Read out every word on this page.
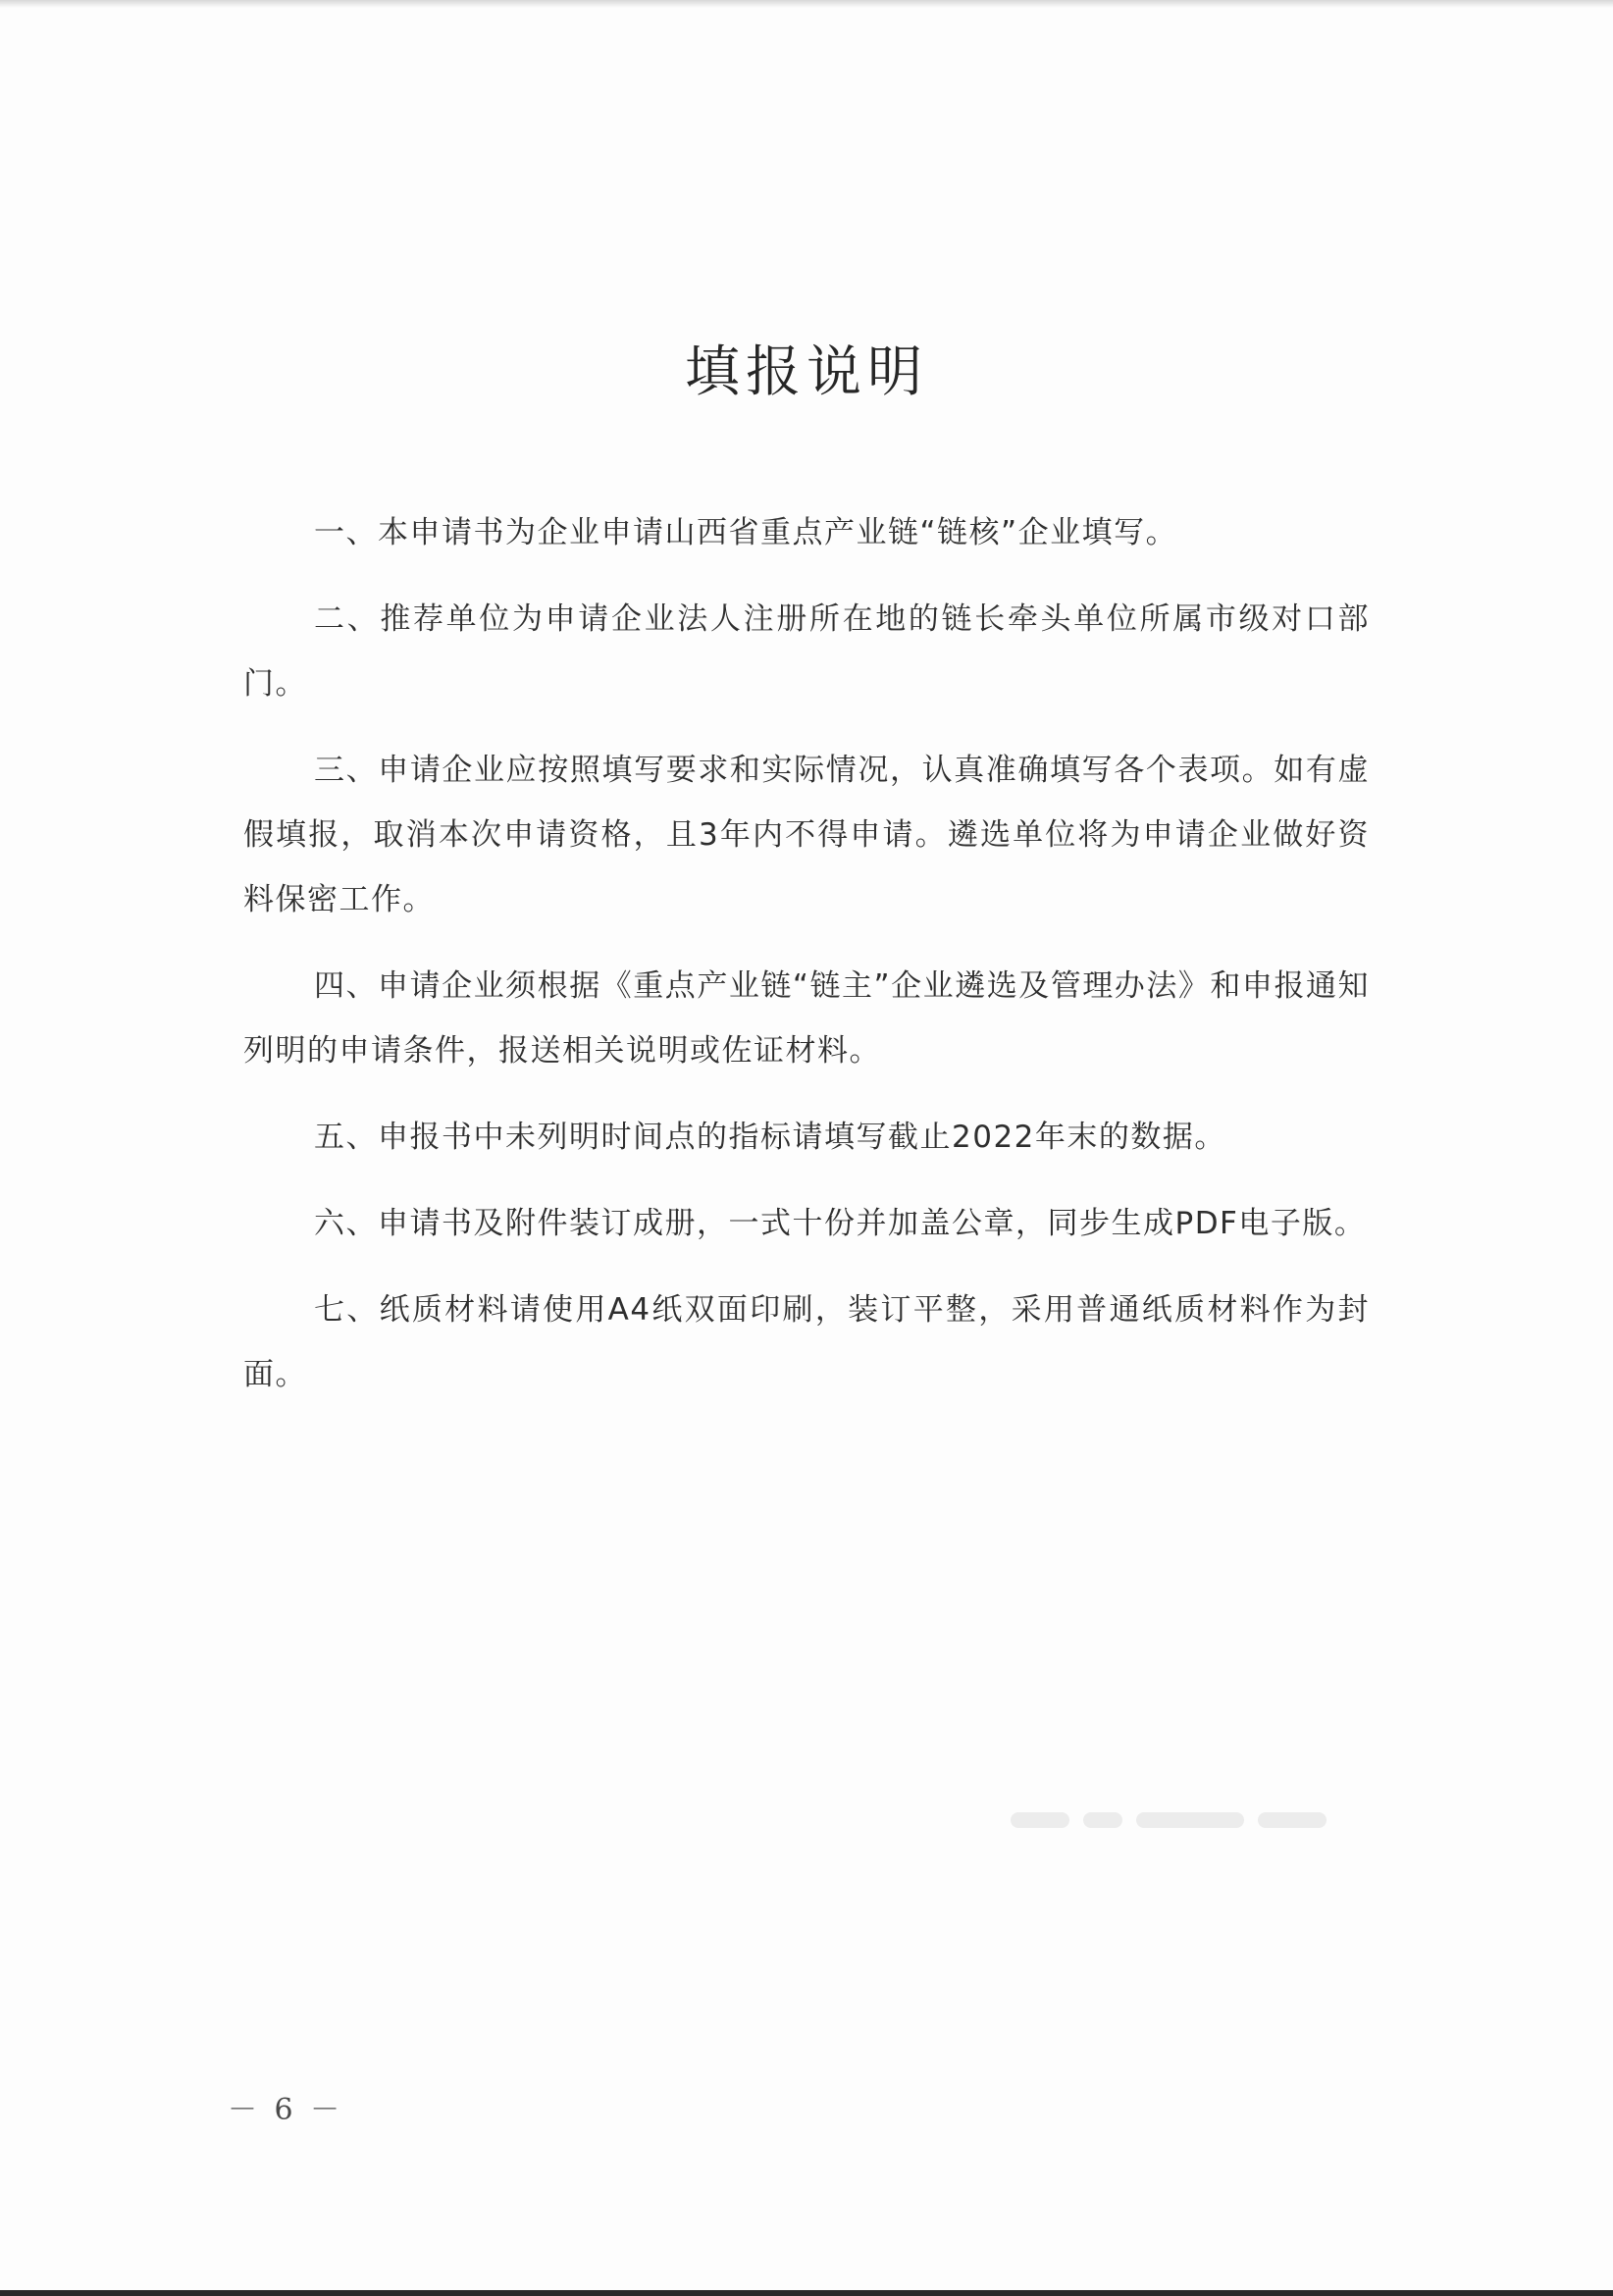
填报说明

一、本申请书为企业申请山西省重点产业链“链核”企业填写。

二、推荐单位为申请企业法人注册所在地的链长牵头单位所属市级对口部门。

三、申请企业应按照填写要求和实际情况，认真准确填写各个表项。如有虚假填报，取消本次申请资格，且3年内不得申请。遴选单位将为申请企业做好资料保密工作。

四、申请企业须根据《重点产业链“链主”企业遴选及管理办法》和申报通知列明的申请条件，报送相关说明或佐证材料。

五、申报书中未列明时间点的指标请填写截止2022年末的数据。

六、申请书及附件装订成册，一式十份并加盖公章，同步生成PDF电子版。

七、纸质材料请使用A4纸双面印刷，装订平整，采用普通纸质材料作为封面。

－ 6 －
